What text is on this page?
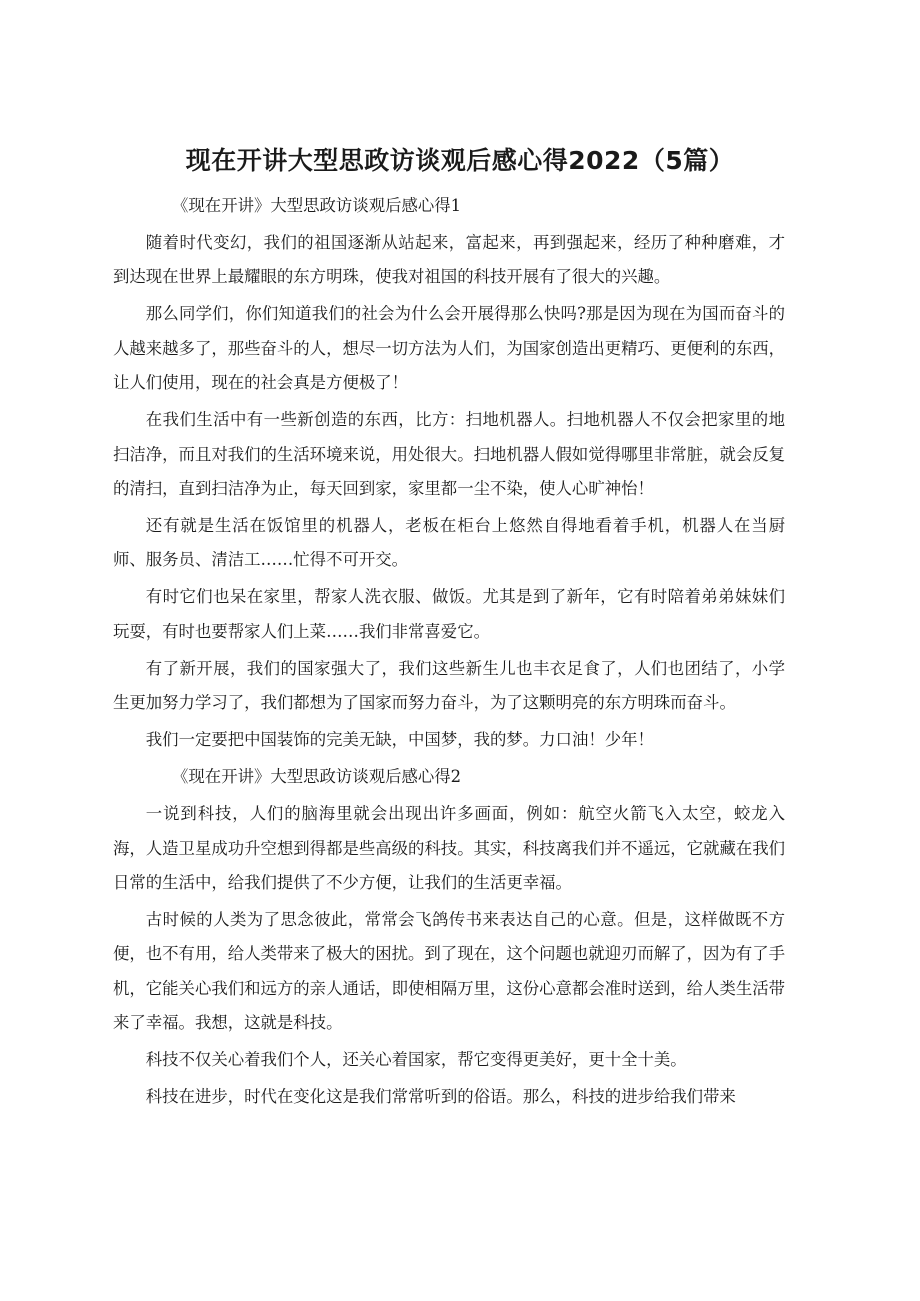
现在开讲大型思政访谈观后感心得2022（5篇）

《现在开讲》大型思政访谈观后感心得1

随着时代变幻，我们的祖国逐渐从站起来，富起来，再到强起来，经历了种种磨难，才到达现在世界上最耀眼的东方明珠，使我对祖国的科技开展有了很大的兴趣。

那么同学们，你们知道我们的社会为什么会开展得那么快吗?那是因为现在为国而奋斗的人越来越多了，那些奋斗的人，想尽一切方法为人们，为国家创造出更精巧、更便利的东西，让人们使用，现在的社会真是方便极了！

在我们生活中有一些新创造的东西，比方：扫地机器人。扫地机器人不仅会把家里的地扫洁净，而且对我们的生活环境来说，用处很大。扫地机器人假如觉得哪里非常脏，就会反复的清扫，直到扫洁净为止，每天回到家，家里都一尘不染，使人心旷神怡！

还有就是生活在饭馆里的机器人，老板在柜台上悠然自得地看着手机，机器人在当厨师、服务员、清洁工……忙得不可开交。

有时它们也呆在家里，帮家人洗衣服、做饭。尤其是到了新年，它有时陪着弟弟妹妹们玩耍，有时也要帮家人们上菜……我们非常喜爱它。

有了新开展，我们的国家强大了，我们这些新生儿也丰衣足食了，人们也团结了，小学生更加努力学习了，我们都想为了国家而努力奋斗，为了这颗明亮的东方明珠而奋斗。

我们一定要把中国装饰的完美无缺，中国梦，我的梦。力口油！少年！

《现在开讲》大型思政访谈观后感心得2

一说到科技，人们的脑海里就会出现出许多画面，例如：航空火箭飞入太空，蛟龙入海，人造卫星成功升空想到得都是些高级的科技。其实，科技离我们并不遥远，它就藏在我们日常的生活中，给我们提供了不少方便，让我们的生活更幸福。

古时候的人类为了思念彼此，常常会飞鸽传书来表达自己的心意。但是，这样做既不方便，也不有用，给人类带来了极大的困扰。到了现在，这个问题也就迎刃而解了，因为有了手机，它能关心我们和远方的亲人通话，即使相隔万里，这份心意都会准时送到，给人类生活带来了幸福。我想，这就是科技。

科技不仅关心着我们个人，还关心着国家，帮它变得更美好，更十全十美。

科技在进步，时代在变化这是我们常常听到的俗语。那么，科技的进步给我们带来
